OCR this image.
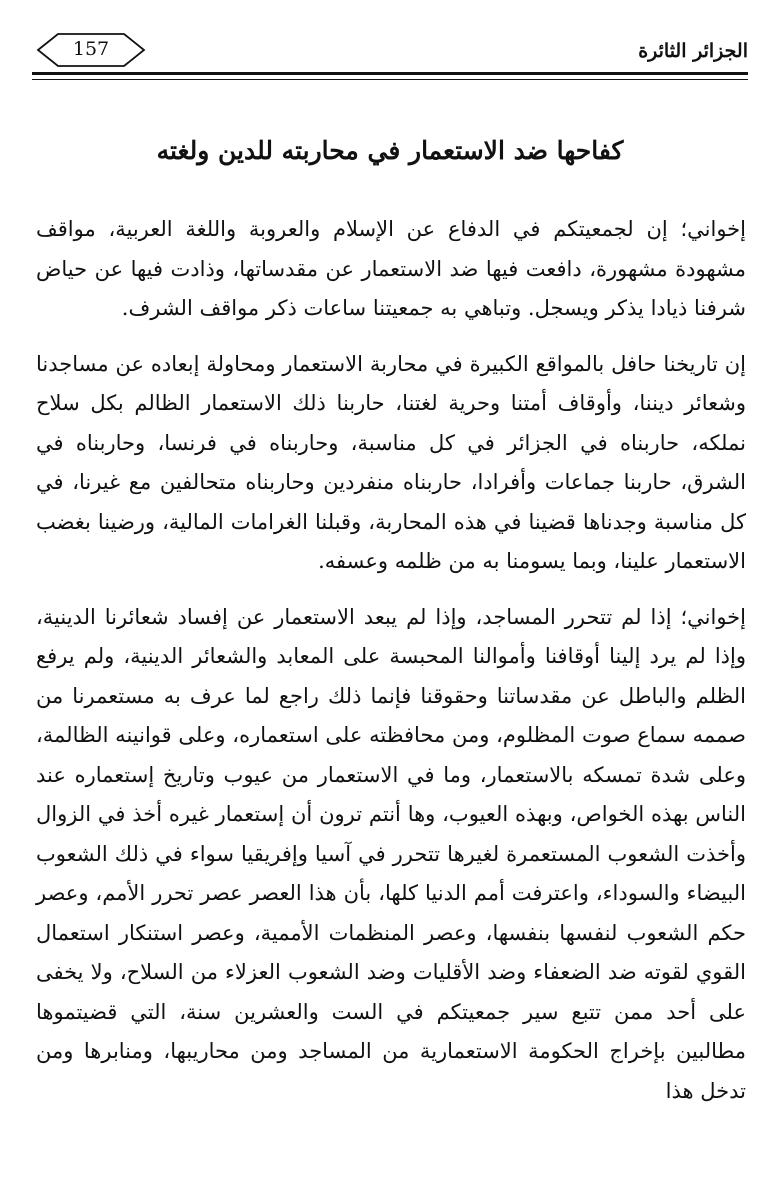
الجزائر الثائرة
157
كفاحها ضد الاستعمار في محاربته للدين ولغته

إخواني؛ إن لجمعيتكم في الدفاع عن الإسلام والعروبة واللغة العربية، مواقف مشهودة مشهورة، دافعت فيها ضد الاستعمار عن مقدساتها، وذادت فيها عن حياض شرفنا ذيادا يذكر ويسجل. وتباهي به جمعيتنا ساعات ذكر مواقف الشرف.

إن تاريخنا حافل بالمواقع الكبيرة في محاربة الاستعمار ومحاولة إبعاده عن مساجدنا وشعائر ديننا، وأوقاف أمتنا وحرية لغتنا، حاربنا ذلك الاستعمار الظالم بكل سلاح نملكه، حاربناه في الجزائر في كل مناسبة، وحاربناه في فرنسا، وحاربناه في الشرق، حاربنا جماعات وأفرادا، حاربناه منفردين وحاربناه متحالفين مع غيرنا، في كل مناسبة وجدناها قضينا في هذه المحاربة، وقبلنا الغرامات المالية، ورضينا بغضب الاستعمار علينا، وبما يسومنا به من ظلمه وعسفه.

إخواني؛ إذا لم تتحرر المساجد، وإذا لم يبعد الاستعمار عن إفساد شعائرنا الدينية، وإذا لم يرد إلينا أوقافنا وأموالنا المحبسة على المعابد والشعائر الدينية، ولم يرفع الظلم والباطل عن مقدساتنا وحقوقنا فإنما ذلك راجع لما عرف به مستعمرنا من صممه سماع صوت المظلوم، ومن محافظته على استعماره، وعلى قوانينه الظالمة، وعلى شدة تمسكه بالاستعمار، وما في الاستعمار من عيوب وتاريخ إستعماره عند الناس بهذه الخواص، وبهذه العيوب، وها أنتم ترون أن إستعمار غيره أخذ في الزوال وأخذت الشعوب المستعمرة لغيرها تتحرر في آسيا وإفريقيا سواء في ذلك الشعوب البيضاء والسوداء، واعترفت أمم الدنيا كلها، بأن هذا العصر عصر تحرر الأمم، وعصر حكم الشعوب لنفسها بنفسها، وعصر المنظمات الأممية، وعصر استنكار استعمال القوي لقوته ضد الضعفاء وضد الأقليات وضد الشعوب العزلاء من السلاح، ولا يخفى على أحد ممن تتبع سير جمعيتكم في الست والعشرين سنة، التي قضيتموها مطالبين بإخراج الحكومة الاستعمارية من المساجد ومن محاريبها، ومنابرها ومن تدخل هذا
